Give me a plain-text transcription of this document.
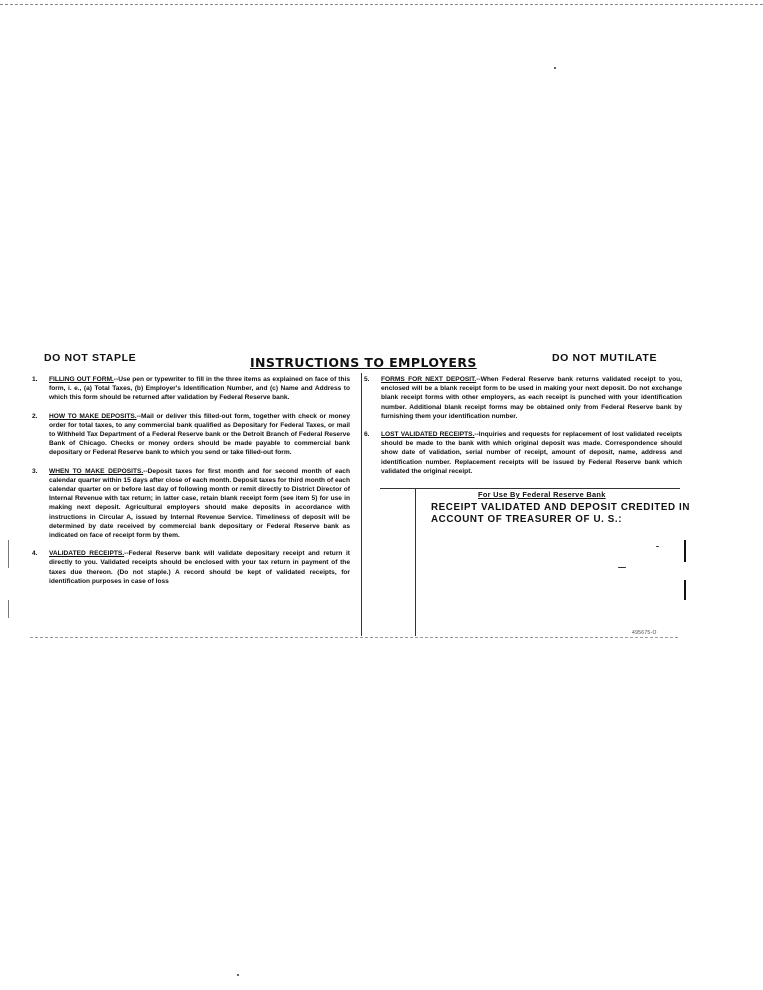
DO NOT STAPLE	INSTRUCTIONS TO EMPLOYERS	DO NOT MUTILATE
1.	FILLING OUT FORM.--Use pen or typewriter to fill in the three items as explained on face of this form, i. e., (a) Total Taxes, (b) Employer's Identification Number, and (c) Name and Address to which this form should be returned after validation by Federal Reserve bank.
2.	HOW TO MAKE DEPOSITS.--Mail or deliver this filled-out form, together with check or money order for total taxes, to any commercial bank qualified as Depositary for Federal Taxes, or mail to Withheld Tax Department of a Federal Reserve bank or the Detroit Branch of Federal Reserve Bank of Chicago. Checks or money orders should be made payable to commercial bank depositary or Federal Reserve bank to which you send or take filled-out form.
3.	WHEN TO MAKE DEPOSITS.--Deposit taxes for first month and for second month of each calendar quarter within 15 days after close of each month. Deposit taxes for third month of each calendar quarter on or before last day of following month or remit directly to District Director of Internal Revenue with tax return; in latter case, retain blank receipt form (see item 5) for use in making next deposit. Agricultural employers should make deposits in accordance with instructions in Circular A, issued by Internal Revenue Service. Timeliness of deposit will be determined by date received by commercial bank depositary or Federal Reserve bank as indicated on face of receipt form by them.
4.	VALIDATED RECEIPTS.--Federal Reserve bank will validate depositary receipt and return it directly to you. Validated receipts should be enclosed with your tax return in payment of the taxes due thereon. (Do not staple.) A record should be kept of validated receipts, for identification purposes in case of loss
5.	FORMS FOR NEXT DEPOSIT.--When Federal Reserve bank returns validated receipt to you, enclosed will be a blank receipt form to be used in making your next deposit. Do not exchange blank receipt forms with other employers, as each receipt is punched with your identification number. Additional blank receipt forms may be obtained only from Federal Reserve bank by furnishing them your identification number.
6.	LOST VALIDATED RECEIPTS.--Inquiries and requests for replacement of lost validated receipts should be made to the bank with which original deposit was made. Correspondence should show date of validation, serial number of receipt, amount of deposit, name, address and identification number. Replacement receipts will be issued by Federal Reserve bank which validated the original receipt.
For Use By Federal Reserve Bank
RECEIPT VALIDATED AND DEPOSIT CREDITED IN
ACCOUNT OF TREASURER OF U. S.:
495675-O
